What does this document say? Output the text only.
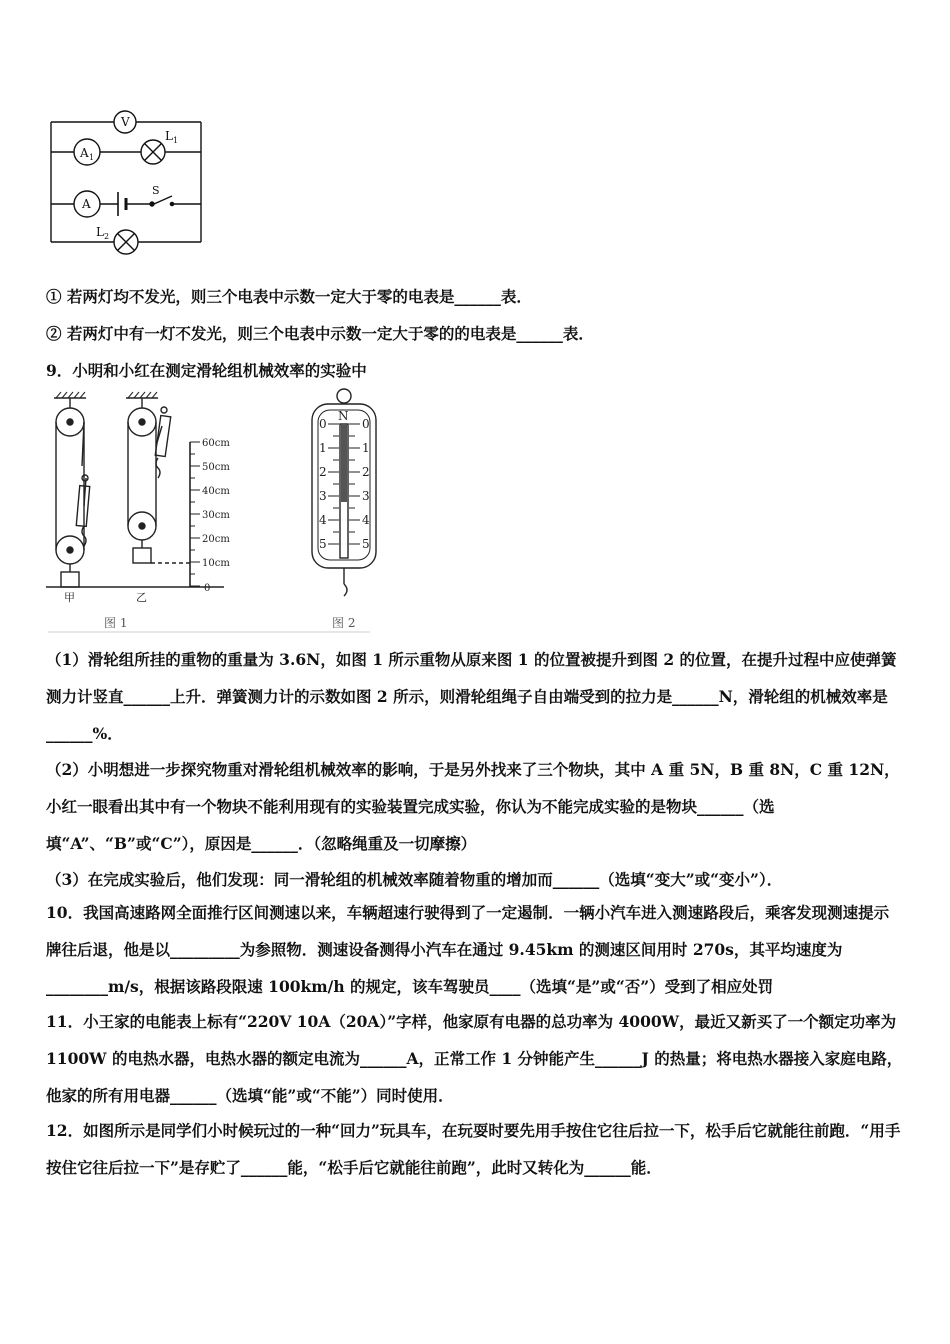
V
A 1
L 1
A
S
L 2
① 若两灯均不发光，则三个电表中示数一定大于零的电表是______表．
② 若两灯中有一灯不发光，则三个电表中示数一定大于零的的电表是______表．
9．小明和小红在测定滑轮组机械效率的实验中
60cm
50cm
40cm
30cm
20cm
10cm
0
甲	乙
图 1	图 2
N
0
1
2
3
4
5
0
1
2
3
4
5

（1）滑轮组所挂的重物的重量为 3.6N，如图 1 所示重物从原来图 1 的位置被提升到图 2 的位置，在提升过程中应使弹簧测力计竖直______上升．弹簧测力计的示数如图 2 所示，则滑轮组绳子自由端受到的拉力是______N，滑轮组的机械效率是______%．

（2）小明想进一步探究物重对滑轮组机械效率的影响，于是另外找来了三个物块，其中 A 重 5N，B 重 8N，C 重 12N，小红一眼看出其中有一个物块不能利用现有的实验装置完成实验，你认为不能完成实验的是物块______（选填“A”、“B”或“C”），原因是______．（忽略绳重及一切摩擦）

（3）在完成实验后，他们发现：同一滑轮组的机械效率随着物重的增加而______（选填“变大”或“变小”）．

10．我国高速路网全面推行区间测速以来，车辆超速行驶得到了一定遏制．一辆小汽车进入测速路段后，乘客发现测速提示牌往后退，他是以_________为参照物．测速设备测得小汽车在通过 9.45km 的测速区间用时 270s，其平均速度为________m/s，根据该路段限速 100km/h 的规定，该车驾驶员____（选填“是”或“否”）受到了相应处罚

11．小王家的电能表上标有“220V 10A（20A）”字样，他家原有电器的总功率为 4000W，最近又新买了一个额定功率为 1100W 的电热水器，电热水器的额定电流为______A，正常工作 1 分钟能产生______J 的热量；将电热水器接入家庭电路，他家的所有用电器______（选填“能”或“不能”）同时使用．

12．如图所示是同学们小时候玩过的一种“回力”玩具车，在玩耍时要先用手按住它往后拉一下，松手后它就能往前跑．“用手按住它往后拉一下”是存贮了______能，“松手后它就能往前跑”，此时又转化为______能．
